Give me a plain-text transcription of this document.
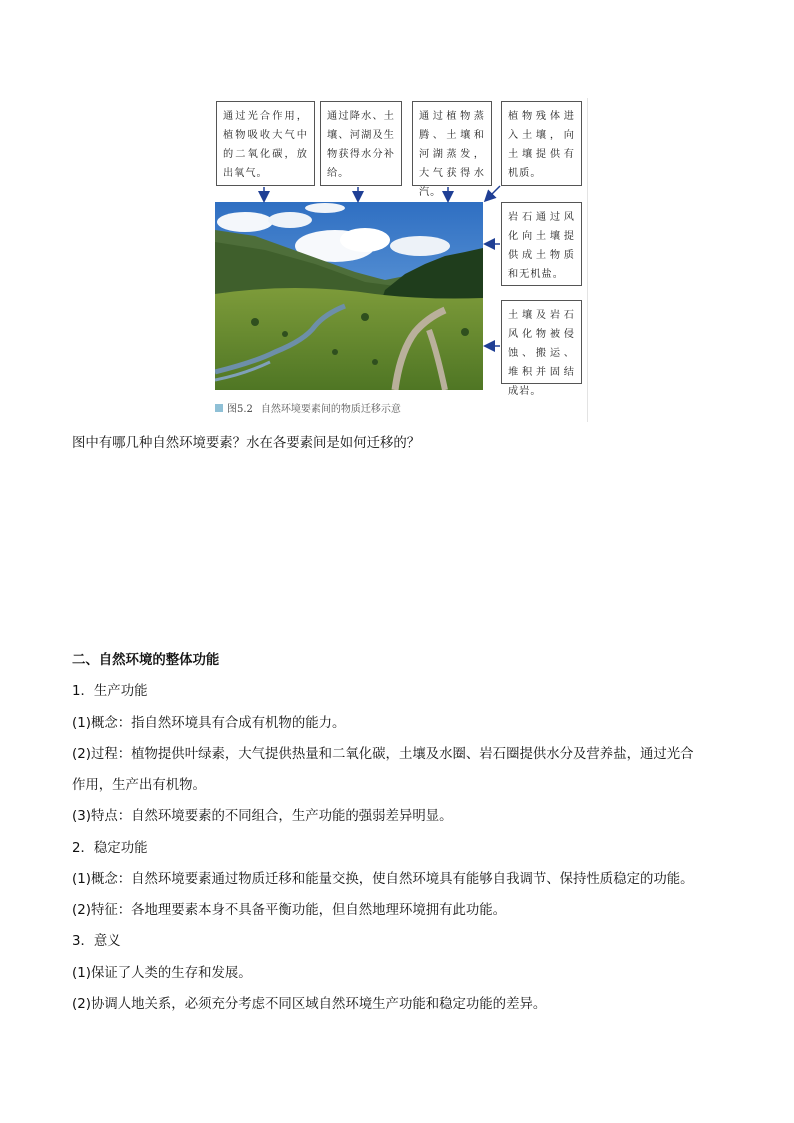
通过光合作用，植物吸收大气中的二氧化碳，放出氧气。
通过降水、土壤、河湖及生物获得水分补给。
通过植物蒸腾、土壤和河湖蒸发，大气获得水汽。
植物残体进入土壤，向土壤提供有机质。
岩石通过风化向土壤提供成土物质和无机盐。
土壤及岩石风化物被侵蚀、搬运、堆积并固结成岩。
图5.2 自然环境要素间的物质迁移示意
图中有哪几种自然环境要素？水在各要素间是如何迁移的？
二、自然环境的整体功能
1．生产功能
(1)概念：指自然环境具有合成有机物的能力。
(2)过程：植物提供叶绿素，大气提供热量和二氧化碳，土壤及水圈、岩石圈提供水分及营养盐，通过光合
作用，生产出有机物。
(3)特点：自然环境要素的不同组合，生产功能的强弱差异明显。
2．稳定功能
(1)概念：自然环境要素通过物质迁移和能量交换，使自然环境具有能够自我调节、保持性质稳定的功能。
(2)特征：各地理要素本身不具备平衡功能，但自然地理环境拥有此功能。
3．意义
(1)保证了人类的生存和发展。
(2)协调人地关系，必须充分考虑不同区域自然环境生产功能和稳定功能的差异。
